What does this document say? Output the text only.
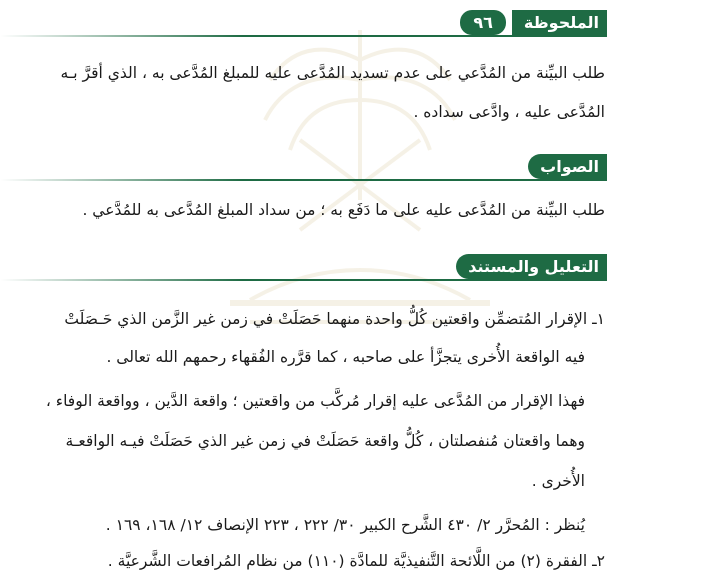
الملحوظة
٩٦
طلب البيِّنة من المُدَّعي على عدم تسديد المُدَّعى عليه للمبلغ المُدَّعى به ، الذي أقرَّ بـه
المُدَّعى عليه ، وادَّعى سداده .
الصواب
طلب البيِّنة من المُدَّعى عليه على ما دَفَع به ؛ من سداد المبلغ المُدَّعى به للمُدَّعي .
التعليل والمستند
١ـ الإقرار المُتضمِّن واقعتين كُلُّ واحدة منهما حَصَلَتْ في زمن غير الزَّمن الذي حَـصَلَتْ
فيه الواقعة الأُخرى يتجزَّأ على صاحبه ، كما قرَّره الفُقهاء رحمهم الله تعالى .
فهذا الإقرار من المُدَّعى عليه إقرار مُركَّب من واقعتين ؛ واقعة الدَّين ، وواقعة الوفاء ،
وهما واقعتان مُنفصلتان ، كُلُّ واقعة حَصَلَتْ في زمن غير الذي حَصَلَتْ فيـه الواقعـة
الأُخرى .
يُنظر : المُحرَّر ٢/ ٤٣٠ الشَّرح الكبير ٣٠/ ٢٢٢ ، ٢٢٣ الإنصاف ١٢/ ١٦٨، ١٦٩ .
٢ـ الفقرة (٢) من اللَّائحة التَّنفيذيَّة للمادَّة (١١٠) من نظام المُرافعات الشَّرعيَّة .
